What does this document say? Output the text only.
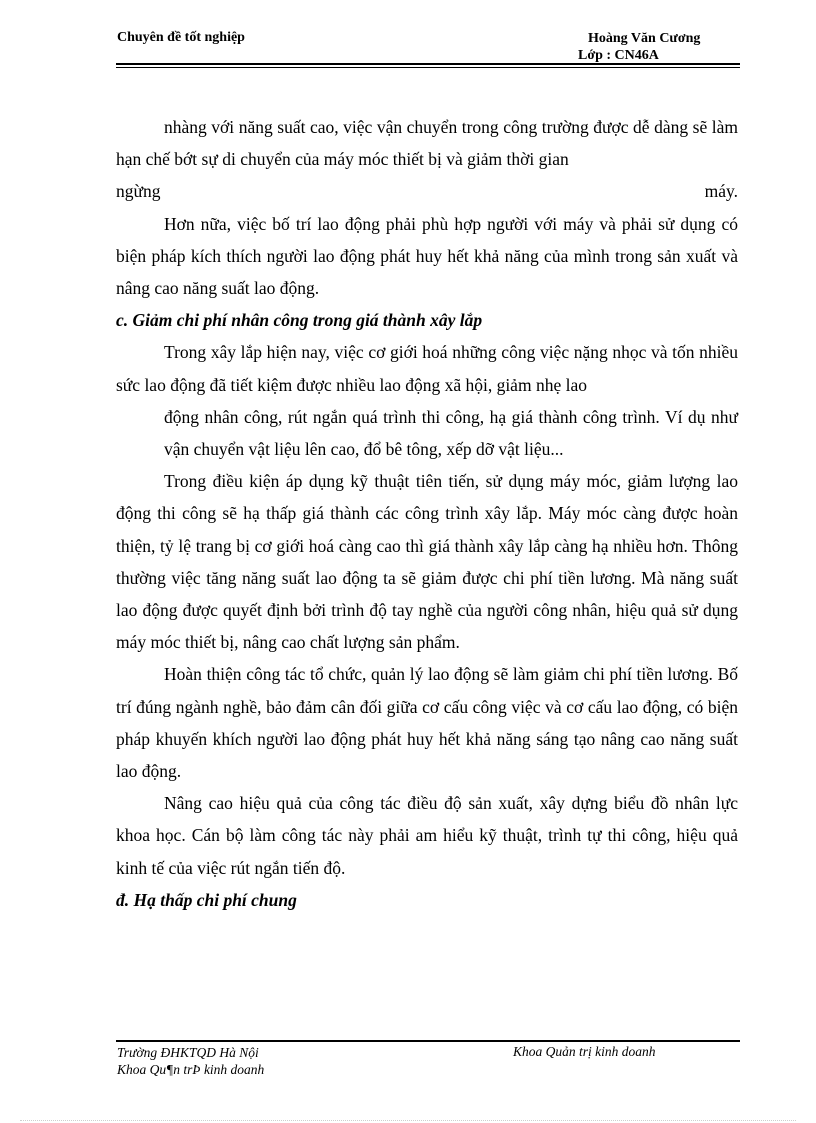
Chuyên đề tốt nghiệp	Hoàng Văn Cương
Lớp : CN46A

nhàng với năng suất cao, việc vận chuyển trong công trường được dễ dàng sẽ làm hạn chế bớt sự di chuyển của máy móc thiết bị và giảm thời gian

ngừng	máy.

Hơn nữa, việc bố trí lao động phải phù hợp người với máy và phải sử dụng có biện pháp kích thích người lao động phát huy hết khả năng của mình trong sản xuất và nâng cao năng suất lao động.

c. Giảm chi phí nhân công trong giá thành xây lắp

Trong xây lắp hiện nay, việc cơ giới hoá những công việc nặng nhọc và tốn nhiều sức lao động đã tiết kiệm được nhiều lao động xã hội, giảm nhẹ lao

động nhân công, rút ngắn quá trình thi công, hạ giá thành công trình. Ví dụ như vận chuyển vật liệu lên cao, đổ bê tông, xếp dỡ vật liệu...

Trong điều kiện áp dụng kỹ thuật tiên tiến, sử dụng máy móc, giảm lượng lao động thi công sẽ hạ thấp giá thành các công trình xây lắp. Máy móc càng được hoàn thiện, tỷ lệ trang bị cơ giới hoá càng cao thì giá thành xây lắp càng hạ nhiều hơn. Thông thường việc tăng năng suất lao động ta sẽ giảm được chi phí tiền lương. Mà năng suất lao động được quyết định bởi trình độ tay nghề của người công nhân, hiệu quả sử dụng máy móc thiết bị, nâng cao chất lượng sản phẩm.

Hoàn thiện công tác tổ chức, quản lý lao động sẽ làm giảm chi phí tiền lương. Bố trí đúng ngành nghề, bảo đảm cân đối giữa cơ cấu công việc và cơ cấu lao động, có biện pháp khuyến khích người lao động phát huy hết khả năng sáng tạo nâng cao năng suất lao động.

Nâng cao hiệu quả của công tác điều độ sản xuất, xây dựng biểu đồ nhân lực khoa học. Cán bộ làm công tác này phải am hiểu kỹ thuật, trình tự thi công, hiệu quả kinh tế của việc rút ngắn tiến độ.

đ. Hạ thấp chi phí chung

Trường ĐHKTQD Hà Nội
Khoa Qu¶n trÞ kinh doanh
Khoa Quản trị kinh doanh
